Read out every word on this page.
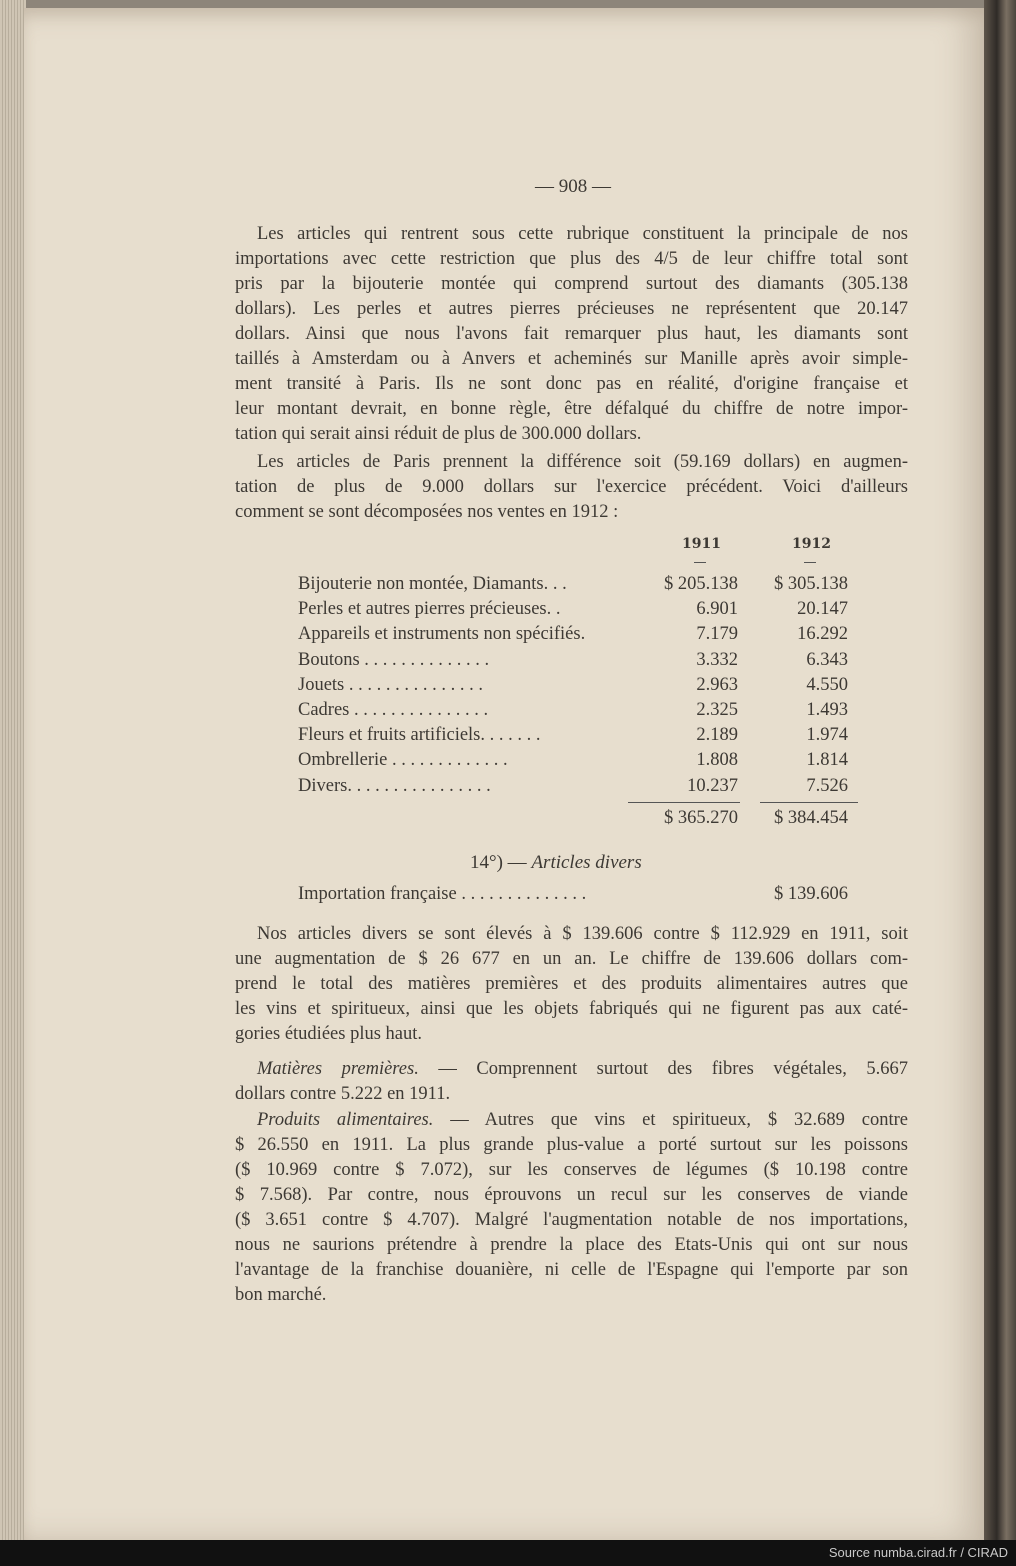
— 908 —
Les articles qui rentrent sous cette rubrique constituent la principale de nos
importations avec cette restriction que plus des 4/5 de leur chiffre total sont
pris par la bijouterie montée qui comprend surtout des diamants (305.138
dollars). Les perles et autres pierres précieuses ne représentent que 20.147
dollars. Ainsi que nous l'avons fait remarquer plus haut, les diamants sont
taillés à Amsterdam ou à Anvers et acheminés sur Manille après avoir simple-
ment transité à Paris. Ils ne sont donc pas en réalité, d'origine française et
leur montant devrait, en bonne règle, être défalqué du chiffre de notre impor-
tation qui serait ainsi réduit de plus de 300.000 dollars.
Les articles de Paris prennent la différence soit (59.169 dollars) en augmen-
tation de plus de 9.000 dollars sur l'exercice précédent. Voici d'ailleurs
comment se sont décomposées nos ventes en 1912 :
1911	1912
Bijouterie non montée, Diamants. . .	$ 205.138 $ 305.138
Perles et autres pierres précieuses. .	6.901	20.147
Appareils et instruments non spécifiés.	7.179	16.292
Boutons . . . . . . . . . . . . . .	3.332	6.343
Jouets . . . . . . . . . . . . . . .	2.963	4.550
Cadres . . . . . . . . . . . . . . .	2.325	1.493
Fleurs et fruits artificiels. . . . . . .	2.189	1.974
Ombrellerie . . . . . . . . . . . . .	1.808	1.814
Divers. . . . . . . . . . . . . . . .	10.237	7.526
$ 365.270 $ 384.454
14°) — Articles divers
Importation française . . . . . . . . . . . . . .	$ 139.606
Nos articles divers se sont élevés à $ 139.606 contre $ 112.929 en 1911, soit
une augmentation de $ 26 677 en un an. Le chiffre de 139.606 dollars com-
prend le total des matières premières et des produits alimentaires autres que
les vins et spiritueux, ainsi que les objets fabriqués qui ne figurent pas aux caté-
gories étudiées plus haut.
Matières premières. — Comprennent surtout des fibres végétales, 5.667
dollars contre 5.222 en 1911.
Produits alimentaires. — Autres que vins et spiritueux, $ 32.689 contre
$ 26.550 en 1911. La plus grande plus-value a porté surtout sur les poissons
($ 10.969 contre $ 7.072), sur les conserves de légumes ($ 10.198 contre
$ 7.568). Par contre, nous éprouvons un recul sur les conserves de viande
($ 3.651 contre $ 4.707). Malgré l'augmentation notable de nos importations,
nous ne saurions prétendre à prendre la place des Etats-Unis qui ont sur nous
l'avantage de la franchise douanière, ni celle de l'Espagne qui l'emporte par son
bon marché.
Source numba.cirad.fr / CIRAD
